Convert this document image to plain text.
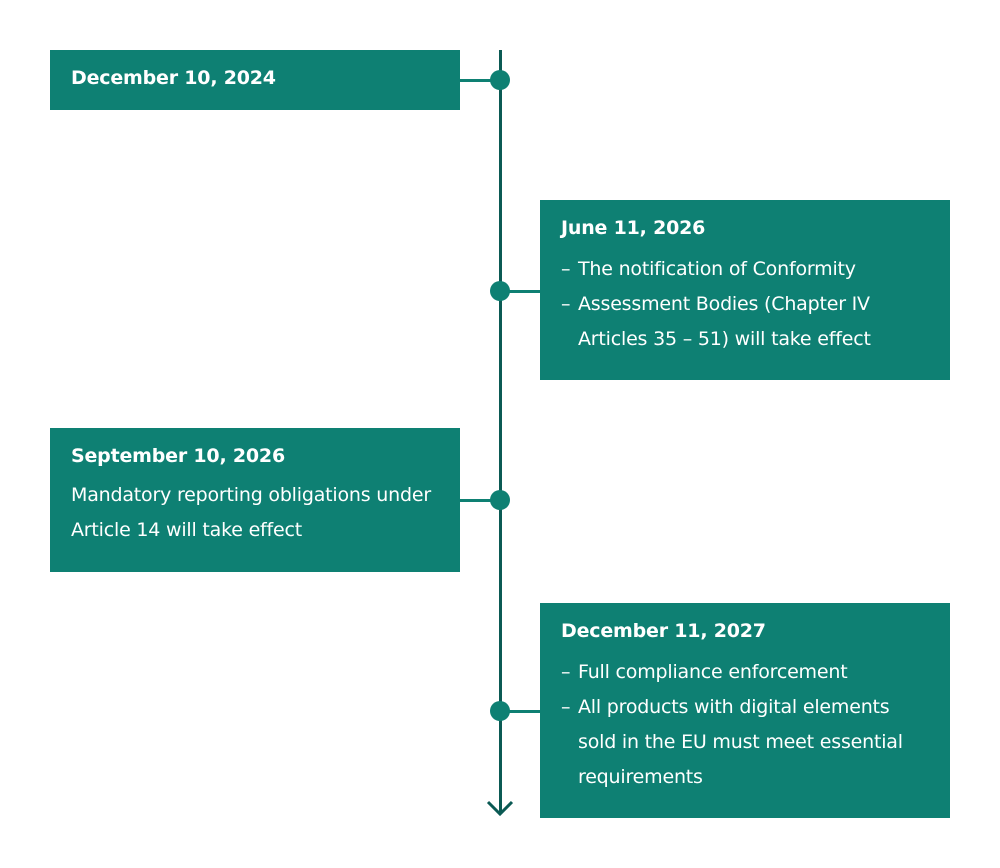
December 10, 2024
June 11, 2026
– The notification of Conformity
– Assessment Bodies (Chapter IV Articles 35 – 51) will take effect
September 10, 2026
Mandatory reporting obligations under Article 14 will take effect
December 11, 2027
– Full compliance enforcement
– All products with digital elements sold in the EU must meet essential requirements
